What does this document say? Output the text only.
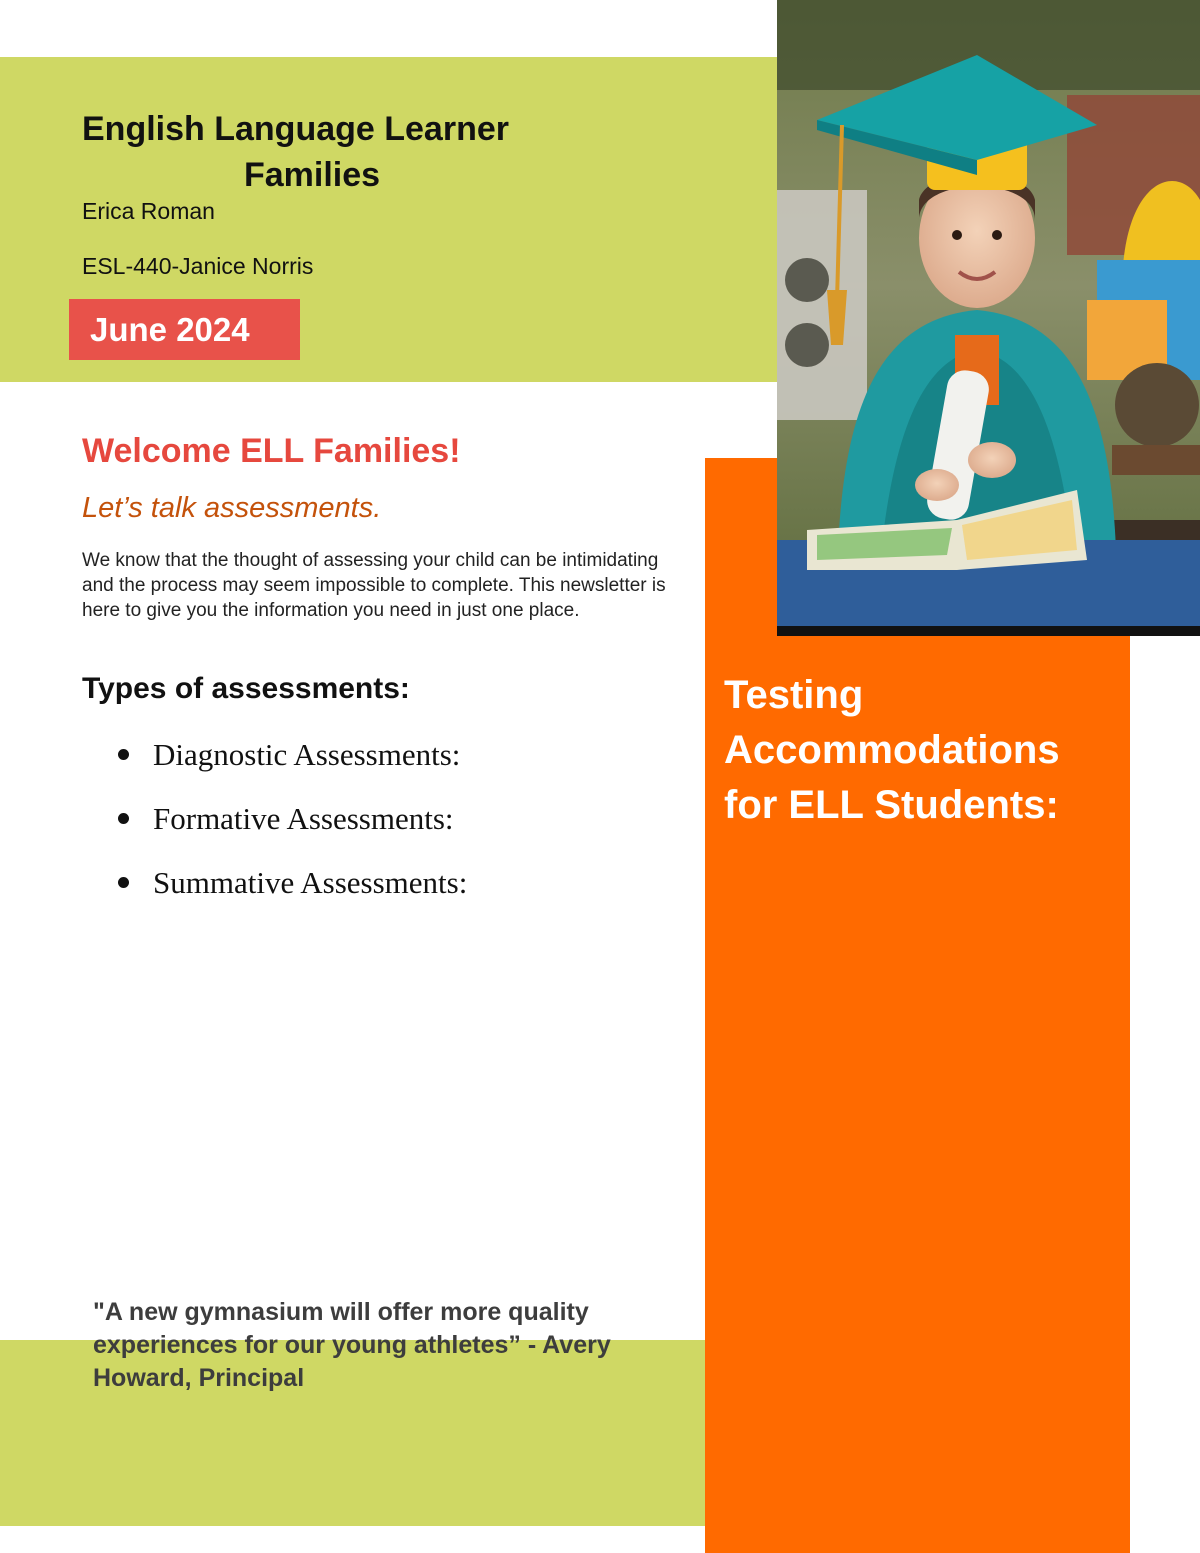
English Language Learner
Families

Erica Roman

ESL-440-Janice Norris

June 2024
Welcome ELL Families!

Let’s talk assessments.

We know that the thought of assessing your child can be intimidating and the process may seem impossible to complete. This newsletter is here to give you the information you need in just one place.

Types of assessments:
Diagnostic Assessments:
Formative Assessments:
Summative Assessments:

"A new gymnasium will offer more quality experiences for our young athletes” - Avery Howard, Principal

Testing Accommodations for ELL Students:
